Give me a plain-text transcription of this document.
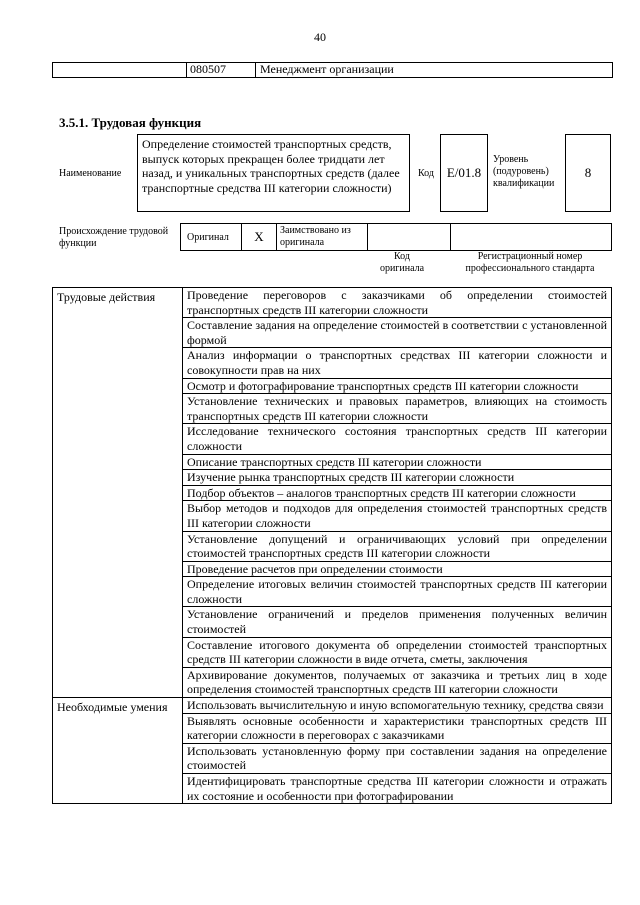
40
080507	Менеджмент организации
3.5.1. Трудовая функция
Наименование
Определение стоимостей транспортных средств, выпуск которых прекращен более тридцати лет назад, и уникальных транспортных средств (далее транспортные средства III категории сложности)
Код E/01.8
Уровень (подуровень) квалификации
8
Происхождение трудовой функции
Оригинал	X	Заимствовано из оригинала
Код оригинала
Регистрационный номер профессионального стандарта
Трудовые действия	Проведение переговоров с заказчиками об определении стоимостей транспортных средств III категории сложности
	Составление задания на определение стоимостей в соответствии с установленной формой
	Анализ информации о транспортных средствах III категории сложности и совокупности прав на них
	Осмотр и фотографирование транспортных средств III категории сложности
	Установление технических и правовых параметров, влияющих на стоимость транспортных средств III категории сложности
	Исследование технического состояния транспортных средств III категории сложности
	Описание транспортных средств III категории сложности
	Изучение рынка транспортных средств III категории сложности
	Подбор объектов – аналогов транспортных средств III категории сложности
	Выбор методов и подходов для определения стоимостей транспортных средств III категории сложности
	Установление допущений и ограничивающих условий при определении стоимостей транспортных средств III категории сложности
	Проведение расчетов при определении стоимости
	Определение итоговых величин стоимостей транспортных средств III категории сложности
	Установление ограничений и пределов применения полученных величин стоимостей
	Составление итогового документа об определении стоимостей транспортных средств III категории сложности в виде отчета, сметы, заключения
	Архивирование документов, получаемых от заказчика и третьих лиц в ходе определения стоимостей транспортных средств III категории сложности
Необходимые умения	Использовать вычислительную и иную вспомогательную технику, средства связи
	Выявлять основные особенности и характеристики транспортных средств III категории сложности в переговорах с заказчиками
	Использовать установленную форму при составлении задания на определение стоимостей
	Идентифицировать транспортные средства III категории сложности и отражать их состояние и особенности при фотографировании
